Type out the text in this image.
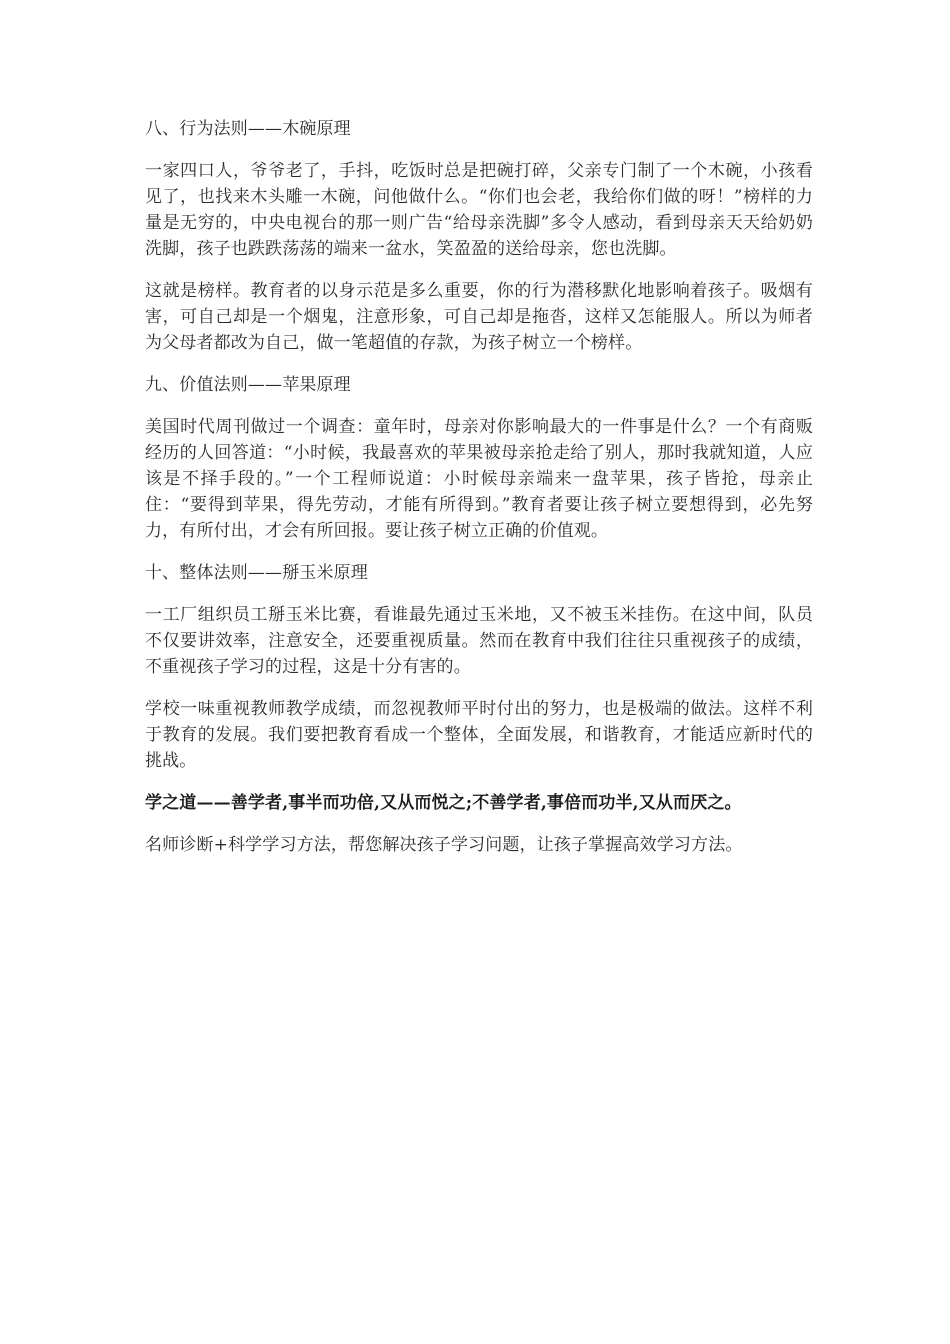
八、行为法则——木碗原理
一家四口人，爷爷老了，手抖，吃饭时总是把碗打碎，父亲专门制了一个木碗，小孩看见了，也找来木头雕一木碗，问他做什么。“你们也会老，我给你们做的呀！”榜样的力量是无穷的，中央电视台的那一则广告“给母亲洗脚”多令人感动，看到母亲天天给奶奶洗脚，孩子也跌跌荡荡的端来一盆水，笑盈盈的送给母亲，您也洗脚。
这就是榜样。教育者的以身示范是多么重要，你的行为潜移默化地影响着孩子。吸烟有害，可自己却是一个烟鬼，注意形象，可自己却是拖沓，这样又怎能服人。所以为师者为父母者都改为自己，做一笔超值的存款，为孩子树立一个榜样。
九、价值法则——苹果原理
美国时代周刊做过一个调查：童年时，母亲对你影响最大的一件事是什么？一个有商贩经历的人回答道：“小时候，我最喜欢的苹果被母亲抢走给了别人，那时我就知道，人应该是不择手段的。”一个工程师说道：小时候母亲端来一盘苹果，孩子皆抢，母亲止住：“要得到苹果，得先劳动，才能有所得到。”教育者要让孩子树立要想得到，必先努力，有所付出，才会有所回报。要让孩子树立正确的价值观。
十、整体法则——掰玉米原理
一工厂组织员工掰玉米比赛，看谁最先通过玉米地，又不被玉米挂伤。在这中间，队员不仅要讲效率，注意安全，还要重视质量。然而在教育中我们往往只重视孩子的成绩，不重视孩子学习的过程，这是十分有害的。
学校一味重视教师教学成绩，而忽视教师平时付出的努力，也是极端的做法。这样不利于教育的发展。我们要把教育看成一个整体，全面发展，和谐教育，才能适应新时代的挑战。
学之道——善学者,事半而功倍,又从而悦之;不善学者,事倍而功半,又从而厌之。
名师诊断+科学学习方法，帮您解决孩子学习问题，让孩子掌握高效学习方法。
